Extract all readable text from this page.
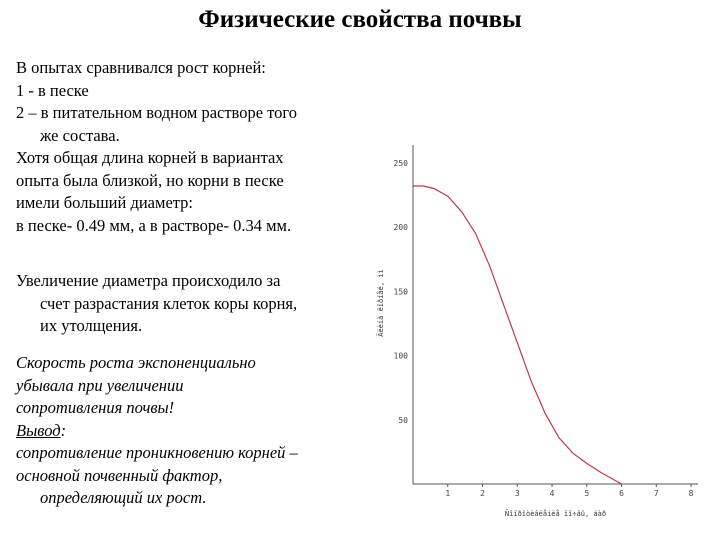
Физические свойства почвы
В опытах сравнивался рост корней:
1 - в песке
2 – в питательном водном растворе того
же состава.
Хотя общая длина корней в вариантах
опыта была близкой, но корни в песке
имели больший диаметр:
в песке- 0.49 мм, а в растворе- 0.34 мм.
Увеличение диаметра происходило за
счет разрастания клеток коры корня,
их утолщения.
Скорость роста экспоненциально
убывала при увеличении
сопротивления почвы!
Вывод:
сопротивление проникновению корней –
основной почвенный фактор,
определяющий их рост.	1	2	3	4	5	6	7	8
50
100
150
200
250
Ñîïðîòèâëåíèå ïî÷âû, áàð
Äëèíà êîðíåé, ìì
